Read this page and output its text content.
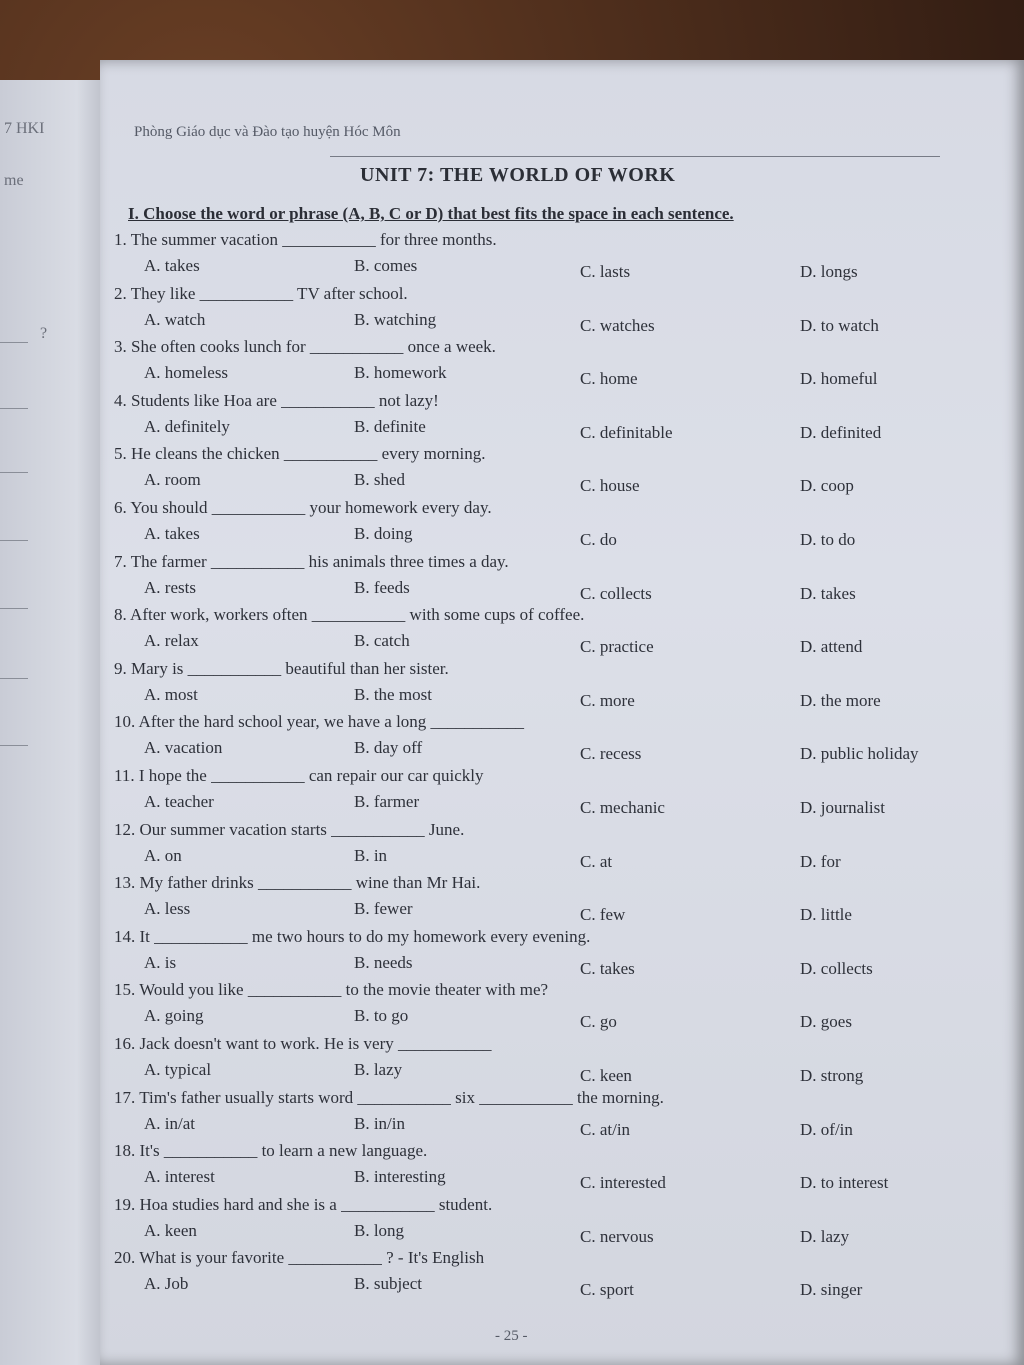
7 HKI
me
?
Phòng Giáo dục và Đào tạo huyện Hóc Môn
UNIT 7: THE WORLD OF WORK
I. Choose the word or phrase (A, B, C or D) that best fits the space in each sentence.
1. The summer vacation ___________ for three months.
A. takes	B. comes	C. lasts	D. longs
2. They like ___________ TV after school.
A. watch	B. watching	C. watches	D. to watch
3. She often cooks lunch for ___________ once a week.
A. homeless	B. homework	C. home	D. homeful
4. Students like Hoa are ___________ not lazy!
A. definitely	B. definite	C. definitable	D. definited
5. He cleans the chicken ___________ every morning.
A. room	B. shed	C. house	D. coop
6. You should ___________ your homework every day.
A. takes	B. doing	C. do	D. to do
7. The farmer ___________ his animals three times a day.
A. rests	B. feeds	C. collects	D. takes
8. After work, workers often ___________ with some cups of coffee.
A. relax	B. catch	C. practice	D. attend
9. Mary is ___________ beautiful than her sister.
A. most	B. the most	C. more	D. the more
10. After the hard school year, we have a long ___________
A. vacation	B. day off	C. recess	D. public holiday
11. I hope the ___________ can repair our car quickly
A. teacher	B. farmer	C. mechanic	D. journalist
12. Our summer vacation starts ___________ June.
A. on	B. in	C. at	D. for
13. My father drinks ___________ wine than Mr Hai.
A. less	B. fewer	C. few	D. little
14. It ___________ me two hours to do my homework every evening.
A. is	B. needs	C. takes	D. collects
15. Would you like ___________ to the movie theater with me?
A. going	B. to go	C. go	D. goes
16. Jack doesn't want to work. He is very ___________
A. typical	B. lazy	C. keen	D. strong
17. Tim's father usually starts word ___________ six ___________ the morning.
A. in/at	B. in/in	C. at/in	D. of/in
18. It's ___________ to learn a new language.
A. interest	B. interesting	C. interested	D. to interest
19. Hoa studies hard and she is a ___________ student.
A. keen	B. long	C. nervous	D. lazy
20. What is your favorite ___________ ? - It's English
A. Job	B. subject	C. sport	D. singer
- 25 -
